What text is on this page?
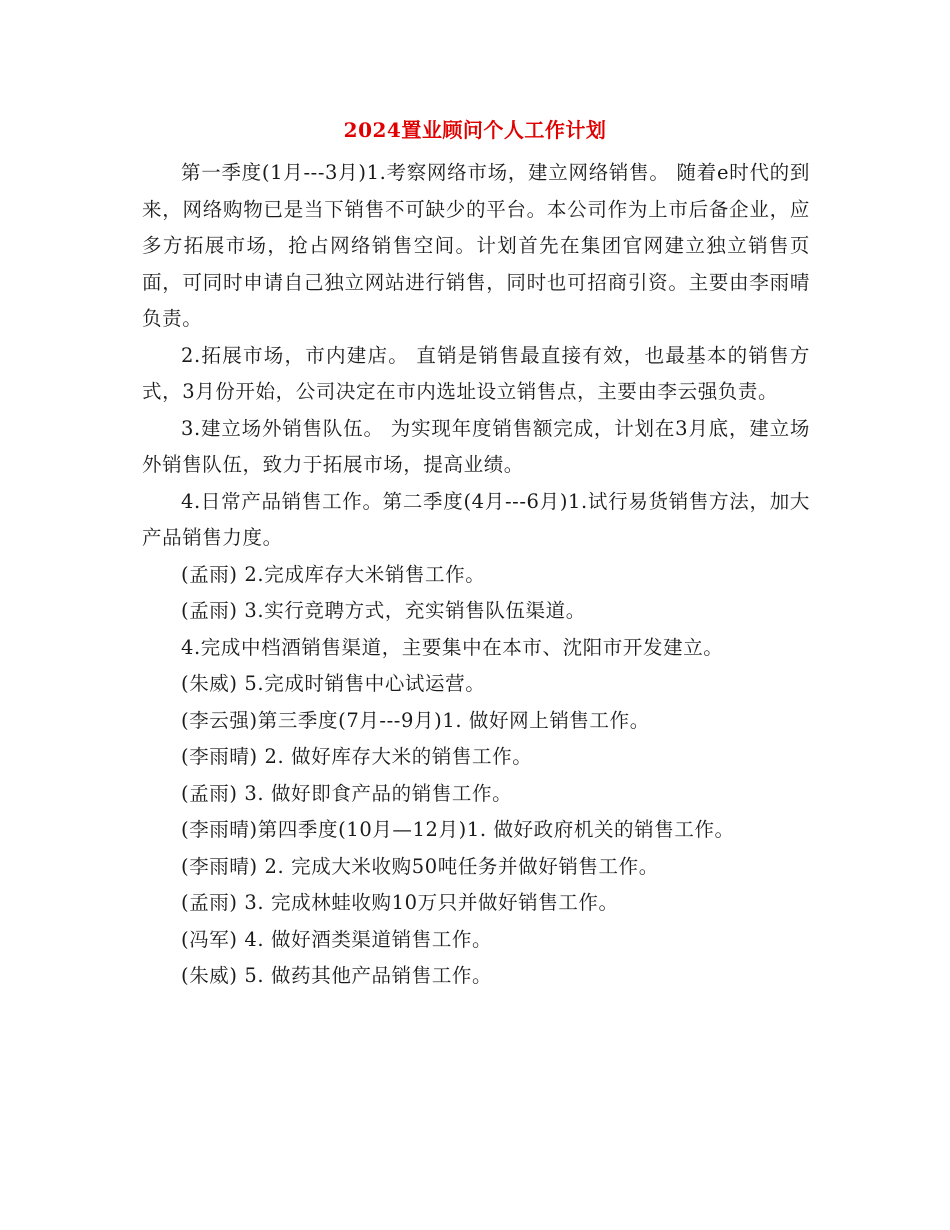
2024置业顾问个人工作计划

第一季度(1月---3月)1.考察网络市场，建立网络销售。 随着e时代的到来，网络购物已是当下销售不可缺少的平台。本公司作为上市后备企业，应多方拓展市场，抢占网络销售空间。计划首先在集团官网建立独立销售页面，可同时申请自己独立网站进行销售，同时也可招商引资。主要由李雨晴负责。

2.拓展市场，市内建店。 直销是销售最直接有效，也最基本的销售方式，3月份开始，公司决定在市内选址设立销售点，主要由李云强负责。

3.建立场外销售队伍。 为实现年度销售额完成，计划在3月底，建立场外销售队伍，致力于拓展市场，提高业绩。

4.日常产品销售工作。第二季度(4月---6月)1.试行易货销售方法，加大产品销售力度。

(孟雨) 2.完成库存大米销售工作。

(孟雨) 3.实行竞聘方式，充实销售队伍渠道。

4.完成中档酒销售渠道，主要集中在本市、沈阳市开发建立。

(朱威) 5.完成时销售中心试运营。

(李云强)第三季度(7月---9月)1. 做好网上销售工作。

(李雨晴) 2. 做好库存大米的销售工作。

(孟雨) 3. 做好即食产品的销售工作。

(李雨晴)第四季度(10月—12月)1. 做好政府机关的销售工作。

(李雨晴) 2. 完成大米收购50吨任务并做好销售工作。

(孟雨) 3. 完成林蛙收购10万只并做好销售工作。

(冯军) 4. 做好酒类渠道销售工作。

(朱威) 5. 做药其他产品销售工作。
